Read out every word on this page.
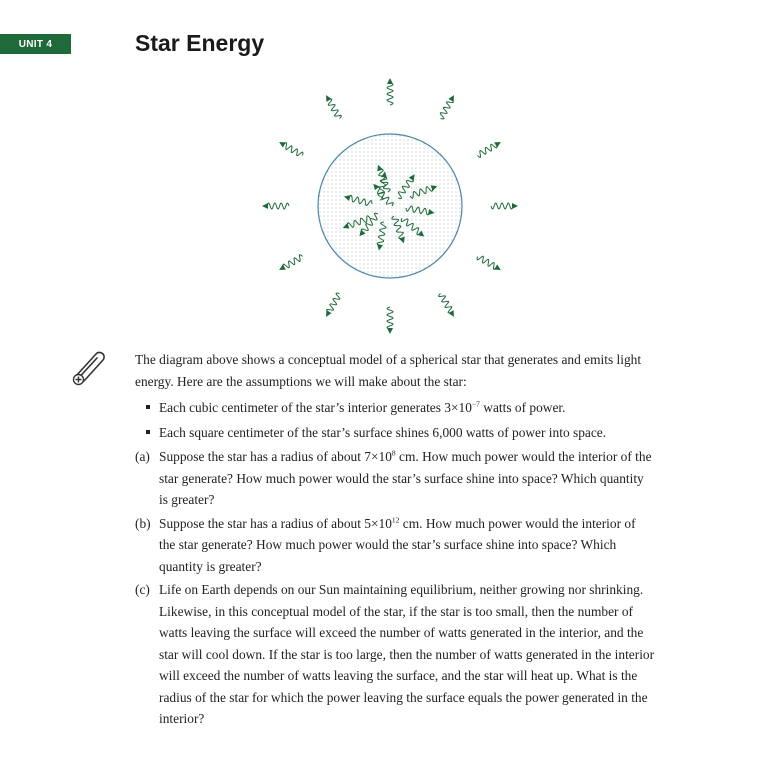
UNIT 4	Star Energy

The diagram above shows a conceptual model of a spherical star that generates and emits light energy. Here are the assumptions we will make about the star:

Each cubic centimeter of the star’s interior generates $3\times 10^{-7}$ watts of power.
Each square centimeter of the star’s surface shines 6,000 watts of power into space.
(a) Suppose the star has a radius of about $7\times 10^8$ cm. How much power would the interior of the star generate? How much power would the star’s surface shine into space? Which quantity is greater?
(b) Suppose the star has a radius of about $5\times 10^{12}$ cm. How much power would the interior of the star generate? How much power would the star’s surface shine into space? Which quantity is greater?
(c) Life on Earth depends on our Sun maintaining equilibrium, neither growing nor shrinking. Likewise, in this conceptual model of the star, if the star is too small, then the number of watts leaving the surface will exceed the number of watts generated in the interior, and the star will cool down. If the star is too large, then the number of watts generated in the interior will exceed the number of watts leaving the surface, and the star will heat up. What is the radius of the star for which the power leaving the surface equals the power generated in the interior?
